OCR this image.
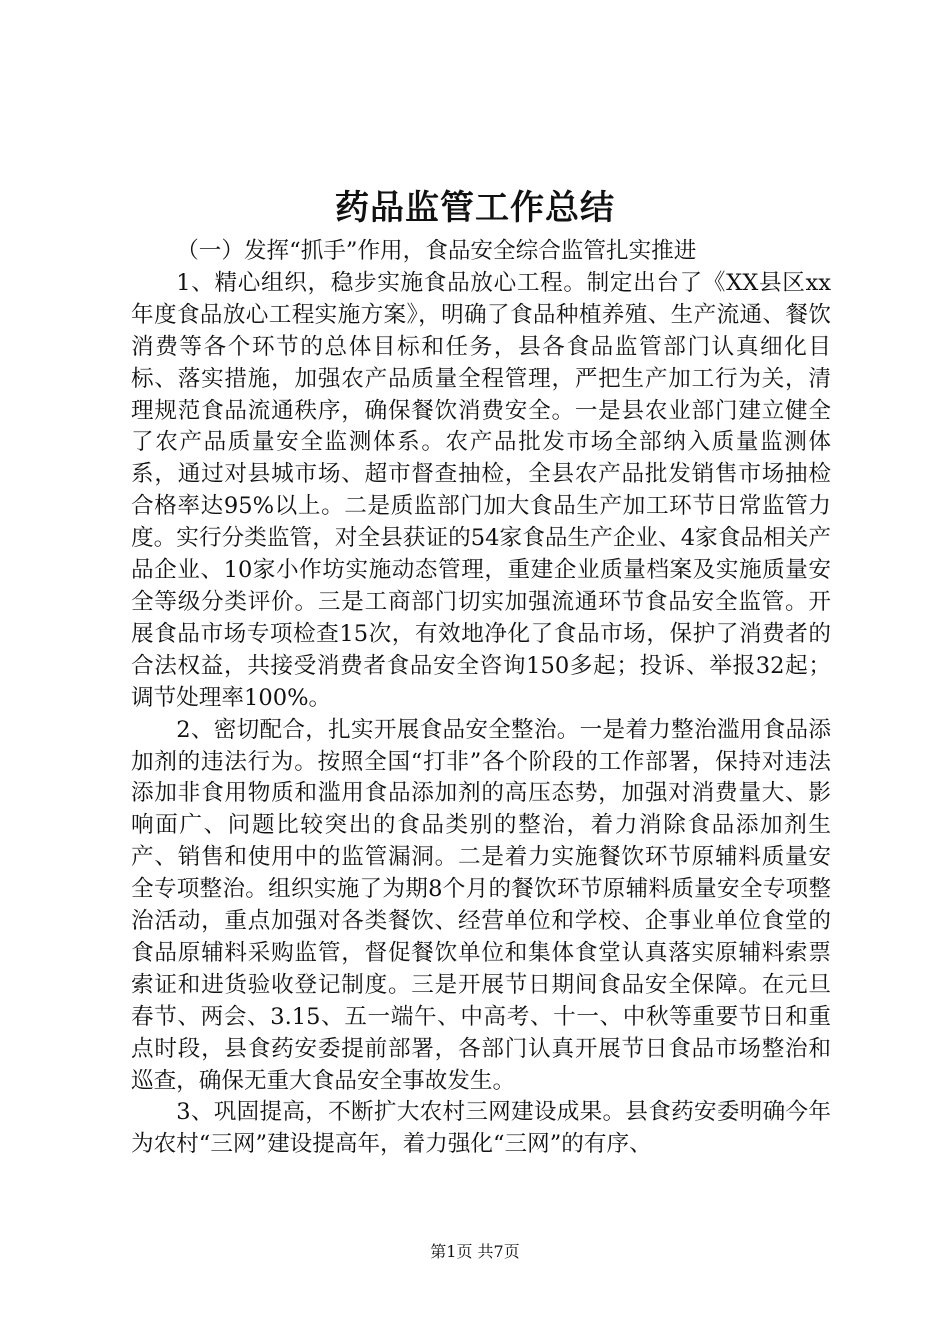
药品监管工作总结

（一）发挥“抓手”作用，食品安全综合监管扎实推进

1、精心组织，稳步实施食品放心工程。制定出台了《XX县区xx年度食品放心工程实施方案》，明确了食品种植养殖、生产流通、餐饮消费等各个环节的总体目标和任务，县各食品监管部门认真细化目标、落实措施，加强农产品质量全程管理，严把生产加工行为关，清理规范食品流通秩序，确保餐饮消费安全。一是县农业部门建立健全了农产品质量安全监测体系。农产品批发市场全部纳入质量监测体系，通过对县城市场、超市督查抽检，全县农产品批发销售市场抽检合格率达95%以上。二是质监部门加大食品生产加工环节日常监管力度。实行分类监管，对全县获证的54家食品生产企业、4家食品相关产品企业、10家小作坊实施动态管理，重建企业质量档案及实施质量安全等级分类评价。三是工商部门切实加强流通环节食品安全监管。开展食品市场专项检查15次，有效地净化了食品市场，保护了消费者的合法权益，共接受消费者食品安全咨询150多起；投诉、举报32起；调节处理率100%。

2、密切配合，扎实开展食品安全整治。一是着力整治滥用食品添加剂的违法行为。按照全国“打非”各个阶段的工作部署，保持对违法添加非食用物质和滥用食品添加剂的高压态势，加强对消费量大、影响面广、问题比较突出的食品类别的整治，着力消除食品添加剂生产、销售和使用中的监管漏洞。二是着力实施餐饮环节原辅料质量安全专项整治。组织实施了为期8个月的餐饮环节原辅料质量安全专项整治活动，重点加强对各类餐饮、经营单位和学校、企事业单位食堂的食品原辅料采购监管，督促餐饮单位和集体食堂认真落实原辅料索票索证和进货验收登记制度。三是开展节日期间食品安全保障。在元旦春节、两会、3.15、五一端午、中高考、十一、中秋等重要节日和重点时段，县食药安委提前部署，各部门认真开展节日食品市场整治和巡查，确保无重大食品安全事故发生。

3、巩固提高，不断扩大农村三网建设成果。县食药安委明确今年为农村“三网”建设提高年，着力强化“三网”的有序、

第1页 共7页
